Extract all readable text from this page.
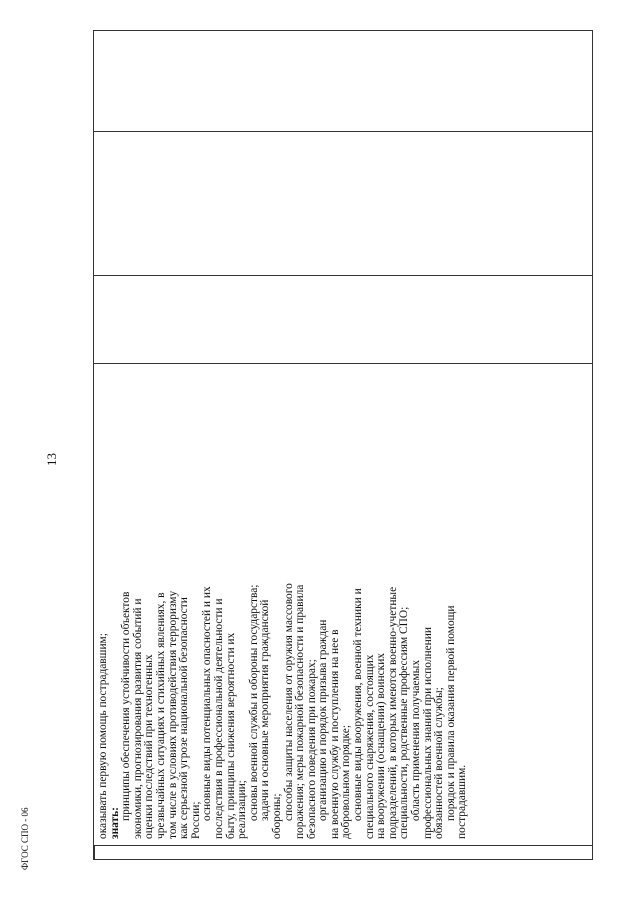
13
оказывать первую помощь пострадавшим; знать:
принципы обеспечения устойчивости объектов экономики, прогнозирования развития событий и оценки последствий при техногенных чрезвычайных ситуациях и стихийных явлениях, в том числе в условиях противодействия терроризму как серьезной угрозе национальной безопасности России; основные виды потенциальных опасностей и их последствия в профессиональной деятельности и быту, принципы снижения вероятности их реализации; основы военной службы и обороны государства; задачи и основные мероприятия гражданской обороны; способы защиты населения от оружия массового поражения; меры пожарной безопасности и правила безопасного поведения при пожарах; организацию и порядок призыва граждан на военную службу и поступления на нее в добровольном порядке; основные виды вооружения, военной техники и специального снаряжения, состоящих на вооружении (оснащении) воинских подразделений, в которых имеются военно-учетные специальности, родственные профессиям СПО; область применения получаемых профессиональных знаний при исполнении обязанностей военной службы; порядок и правила оказания первой помощи пострадавшим.
ФГОС СПО - 06
